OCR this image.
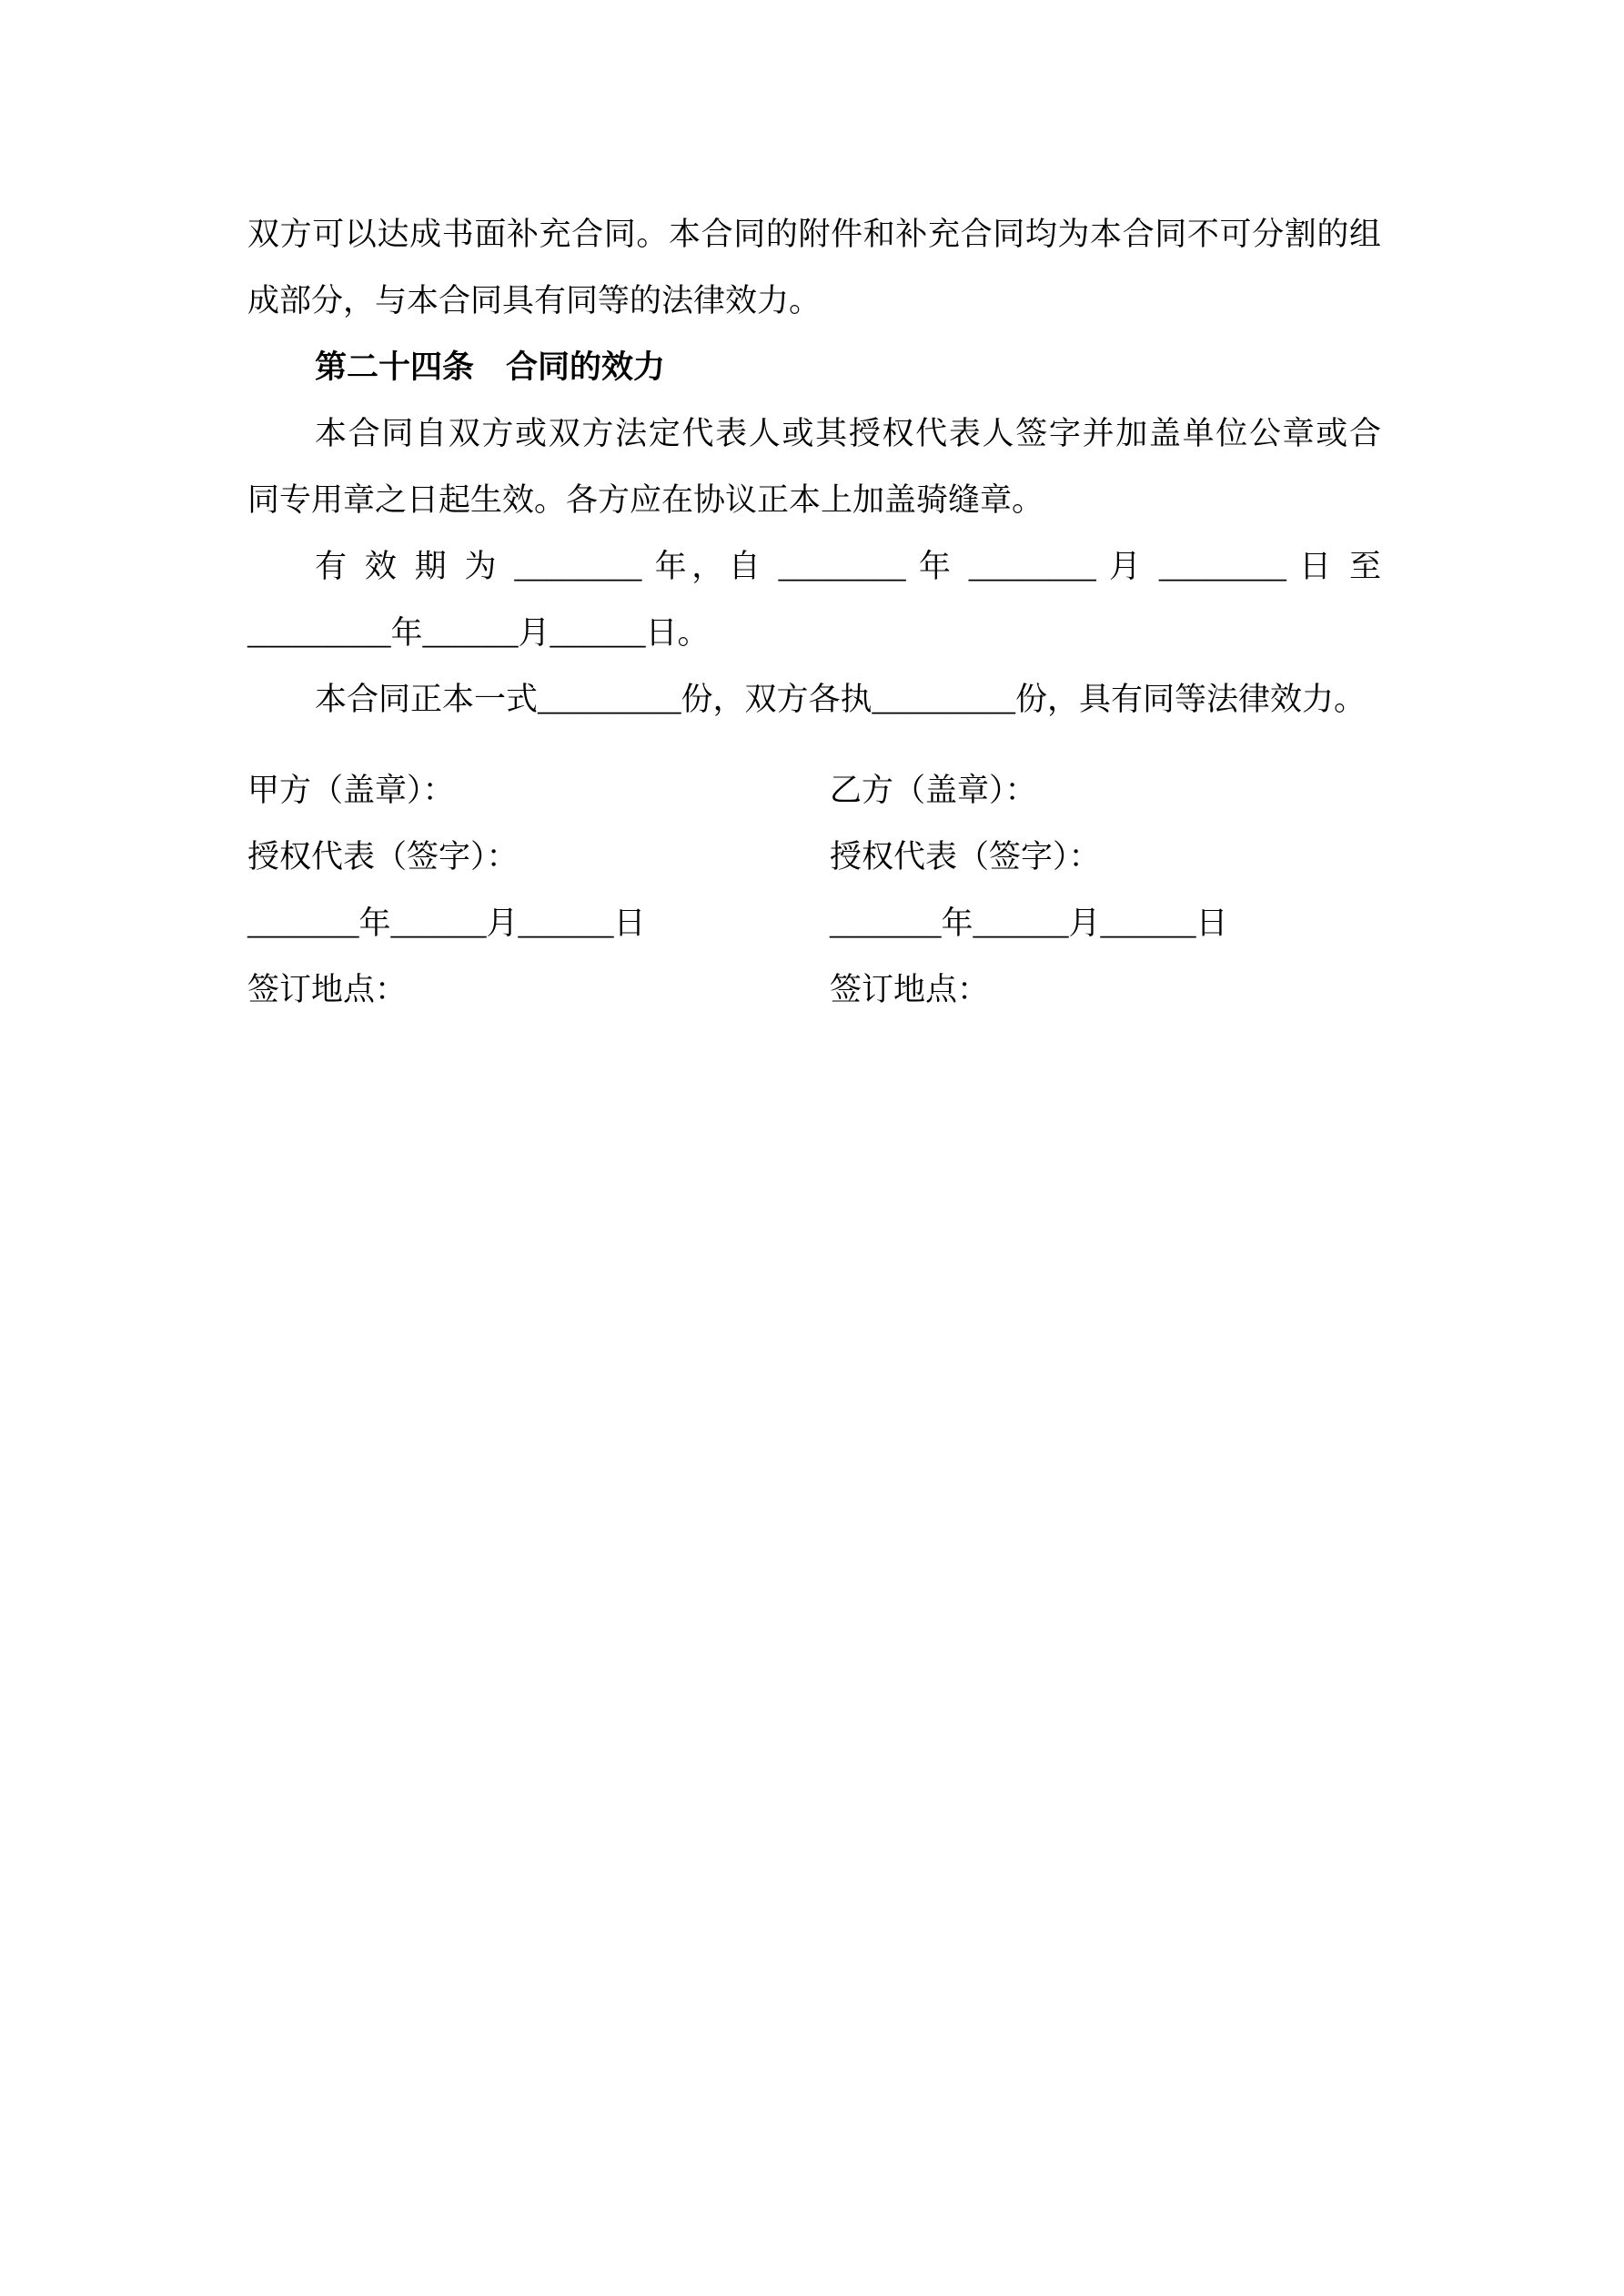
双方可以达成书面补充合同。本合同的附件和补充合同均为本合同不可分割的组
成部分，与本合同具有同等的法律效力。
第二十四条　合同的效力
本合同自双方或双方法定代表人或其授权代表人签字并加盖单位公章或合
同专用章之日起生效。各方应在协议正本上加盖骑缝章。
有 效 期 为 ________ 年，自 ________ 年 ________ 月 ________ 日 至
_________年______月______日。
本合同正本一式_________份，双方各执_________份，具有同等法律效力。
甲方（盖章）：	乙方（盖章）：
授权代表（签字）：	授权代表（签字）：
_______年______月______日	_______年______月______日
签订地点：	签订地点：
